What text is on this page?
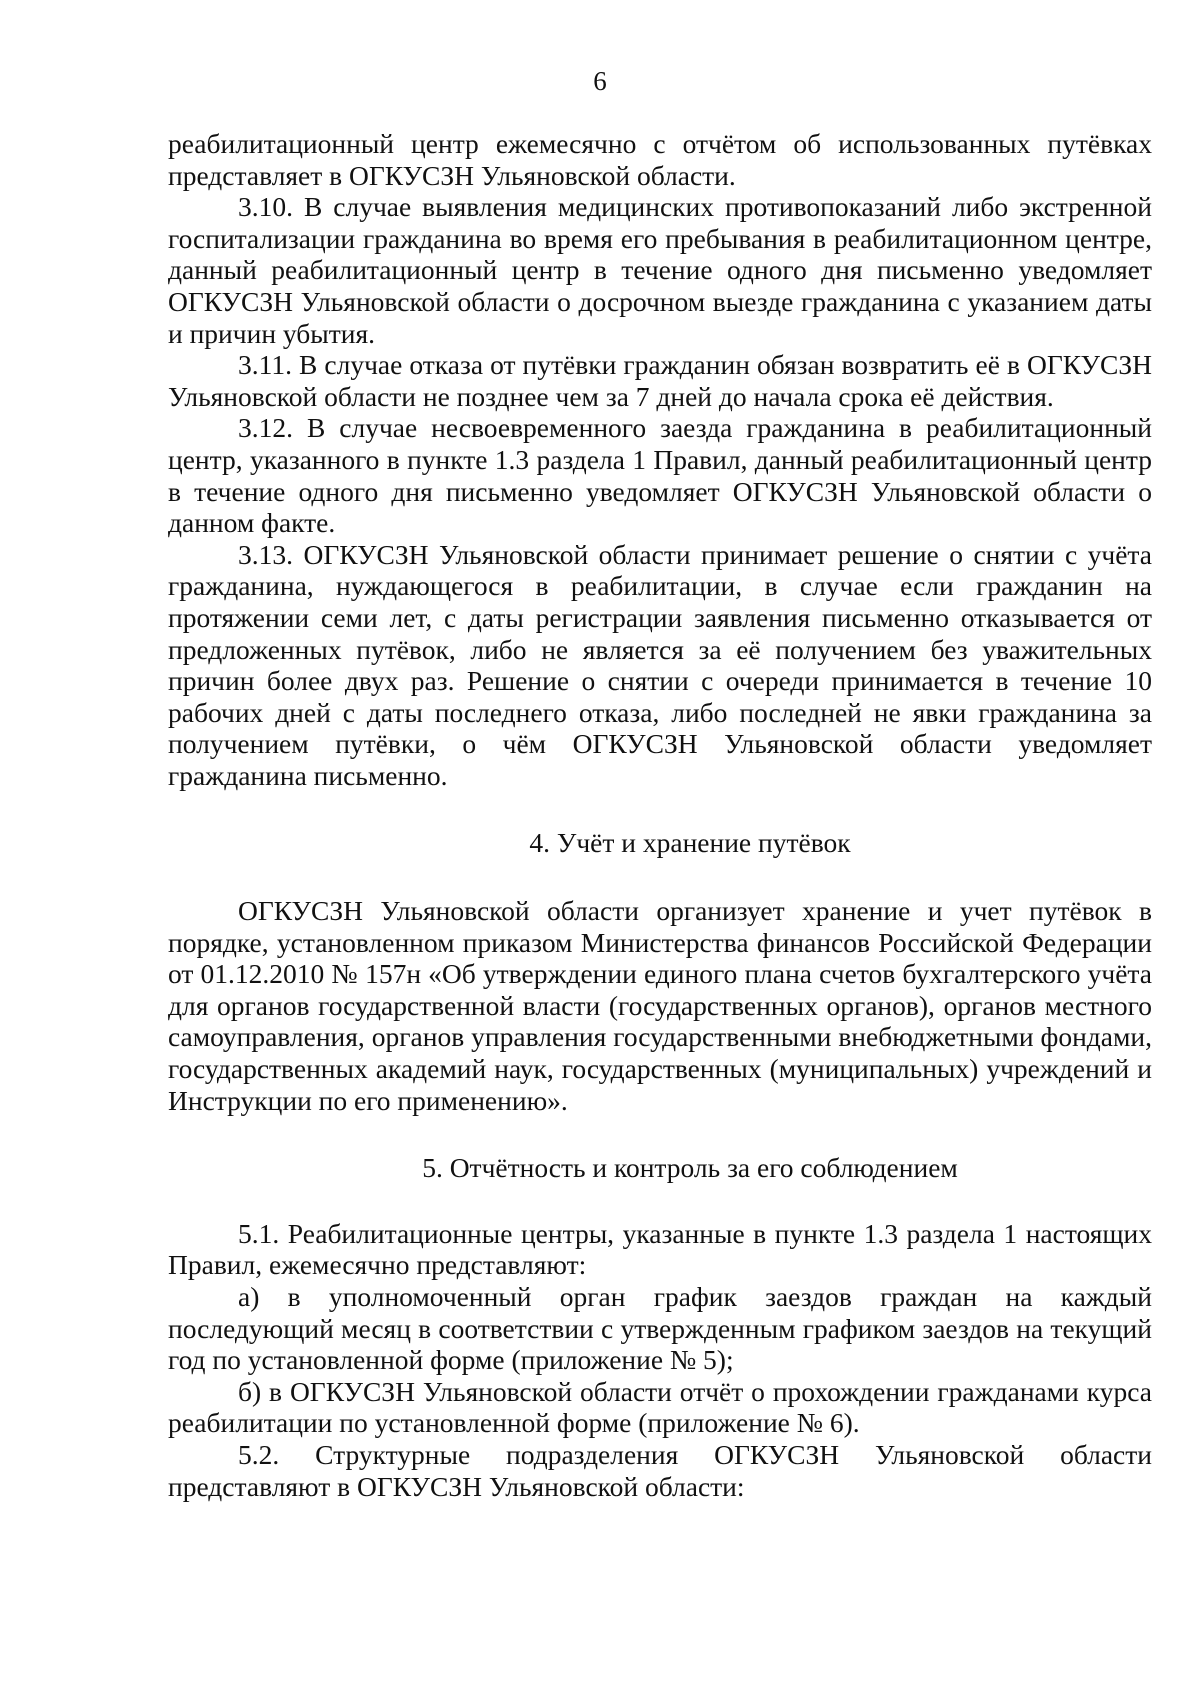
6

реабилитационный центр ежемесячно с отчётом об использованных путёвках представляет в ОГКУСЗН Ульяновской области.

3.10. В случае выявления медицинских противопоказаний либо экстренной госпитализации гражданина во время его пребывания в реабилитационном центре, данный реабилитационный центр в течение одного дня письменно уведомляет ОГКУСЗН Ульяновской области о досрочном выезде гражданина с указанием даты и причин убытия.

3.11. В случае отказа от путёвки гражданин обязан возвратить её в ОГКУСЗН Ульяновской области не позднее чем за 7 дней до начала срока её действия.

3.12. В случае несвоевременного заезда гражданина в реабилитационный центр, указанного в пункте 1.3 раздела 1 Правил, данный реабилитационный центр в течение одного дня письменно уведомляет ОГКУСЗН Ульяновской области о данном факте.

3.13. ОГКУСЗН Ульяновской области принимает решение о снятии с учёта гражданина, нуждающегося в реабилитации, в случае если гражданин на протяжении семи лет, с даты регистрации заявления письменно отказывается от предложенных путёвок, либо не является за её получением без уважительных причин более двух раз. Решение о снятии с очереди принимается в течение 10 рабочих дней с даты последнего отказа, либо последней не явки гражданина за получением путёвки, о чём ОГКУСЗН Ульяновской области уведомляет гражданина письменно.

4. Учёт и хранение путёвок

ОГКУСЗН Ульяновской области организует хранение и учет путёвок в порядке, установленном приказом Министерства финансов Российской Федерации от 01.12.2010 № 157н «Об утверждении единого плана счетов бухгалтерского учёта для органов государственной власти (государственных органов), органов местного самоуправления, органов управления государственными внебюджетными фондами, государственных академий наук, государственных (муниципальных) учреждений и Инструкции по его применению».

5. Отчётность и контроль за его соблюдением

5.1. Реабилитационные центры, указанные в пункте 1.3 раздела 1 настоящих Правил, ежемесячно представляют:

а) в уполномоченный орган график заездов граждан на каждый последующий месяц в соответствии с утвержденным графиком заездов на текущий год по установленной форме (приложение № 5);

б) в ОГКУСЗН Ульяновской области отчёт о прохождении гражданами курса реабилитации по установленной форме (приложение № 6).

5.2. Структурные подразделения ОГКУСЗН Ульяновской области представляют в ОГКУСЗН Ульяновской области:
